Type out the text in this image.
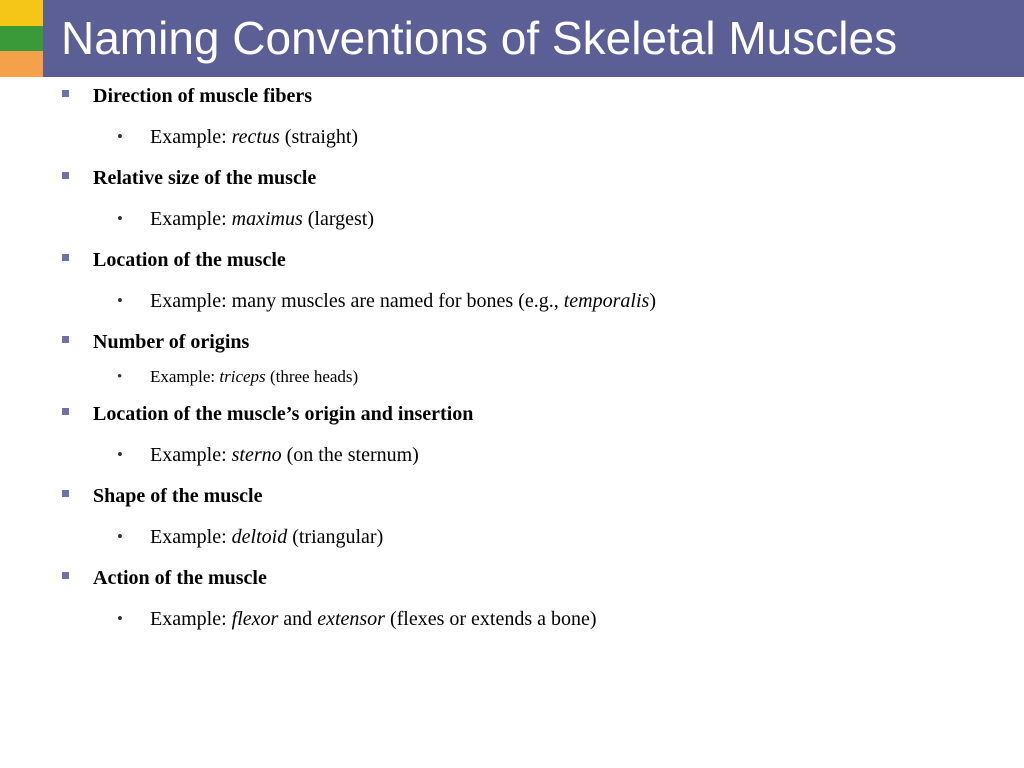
Naming Conventions of Skeletal Muscles
Direction of muscle fibers
• Example: rectus (straight)
Relative size of the muscle
• Example: maximus (largest)
Location of the muscle
• Example: many muscles are named for bones (e.g., temporalis)
Number of origins
• Example: triceps (three heads)
Location of the muscle’s origin and insertion
• Example: sterno (on the sternum)
Shape of the muscle
• Example: deltoid (triangular)
Action of the muscle
• Example: flexor and extensor (flexes or extends a bone)
